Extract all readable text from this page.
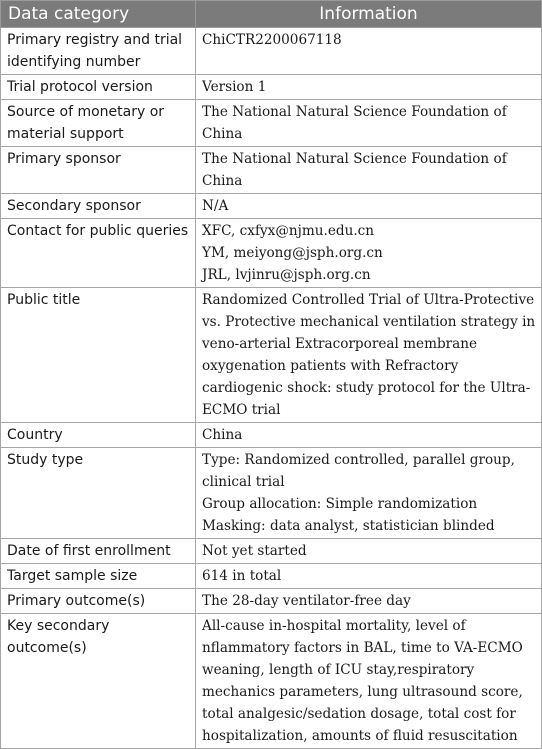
Data category	Information
Primary registry and trial identifying number	ChiCTR2200067118

Trial protocol version	Version 1

Source of monetary or material support	The National Natural Science Foundation of China
Primary sponsor	The National Natural Science Foundation of China
Secondary sponsor	N/A

Contact for public queries	XFC, cxfyx@njmu.edu.cn
YM, meiyong@jsph.org.cn
JRL, lvjinru@jsph.org.cn

Public title	Randomized Controlled Trial of Ultra-Protective vs. Protective mechanical ventilation strategy in veno-arterial Extracorporeal membrane oxygenation patients with Refractory cardiogenic shock: study protocol for the Ultra-ECMO trial
Country	China

Study type	Type: Randomized controlled, parallel group, clinical trial
Group allocation: Simple randomization
Masking: data analyst, statistician blinded
Date of first enrollment	Not yet started

Target sample size	614 in total

Primary outcome(s)	The 28-day ventilator-free day

Key secondary outcome(s)	All-cause in-hospital mortality, level of nflammatory factors in BAL, time to VA-ECMO weaning, length of ICU stay,respiratory mechanics parameters, lung ultrasound score, total analgesic/sedation dosage, total cost for hospitalization, amounts of fluid resuscitation
